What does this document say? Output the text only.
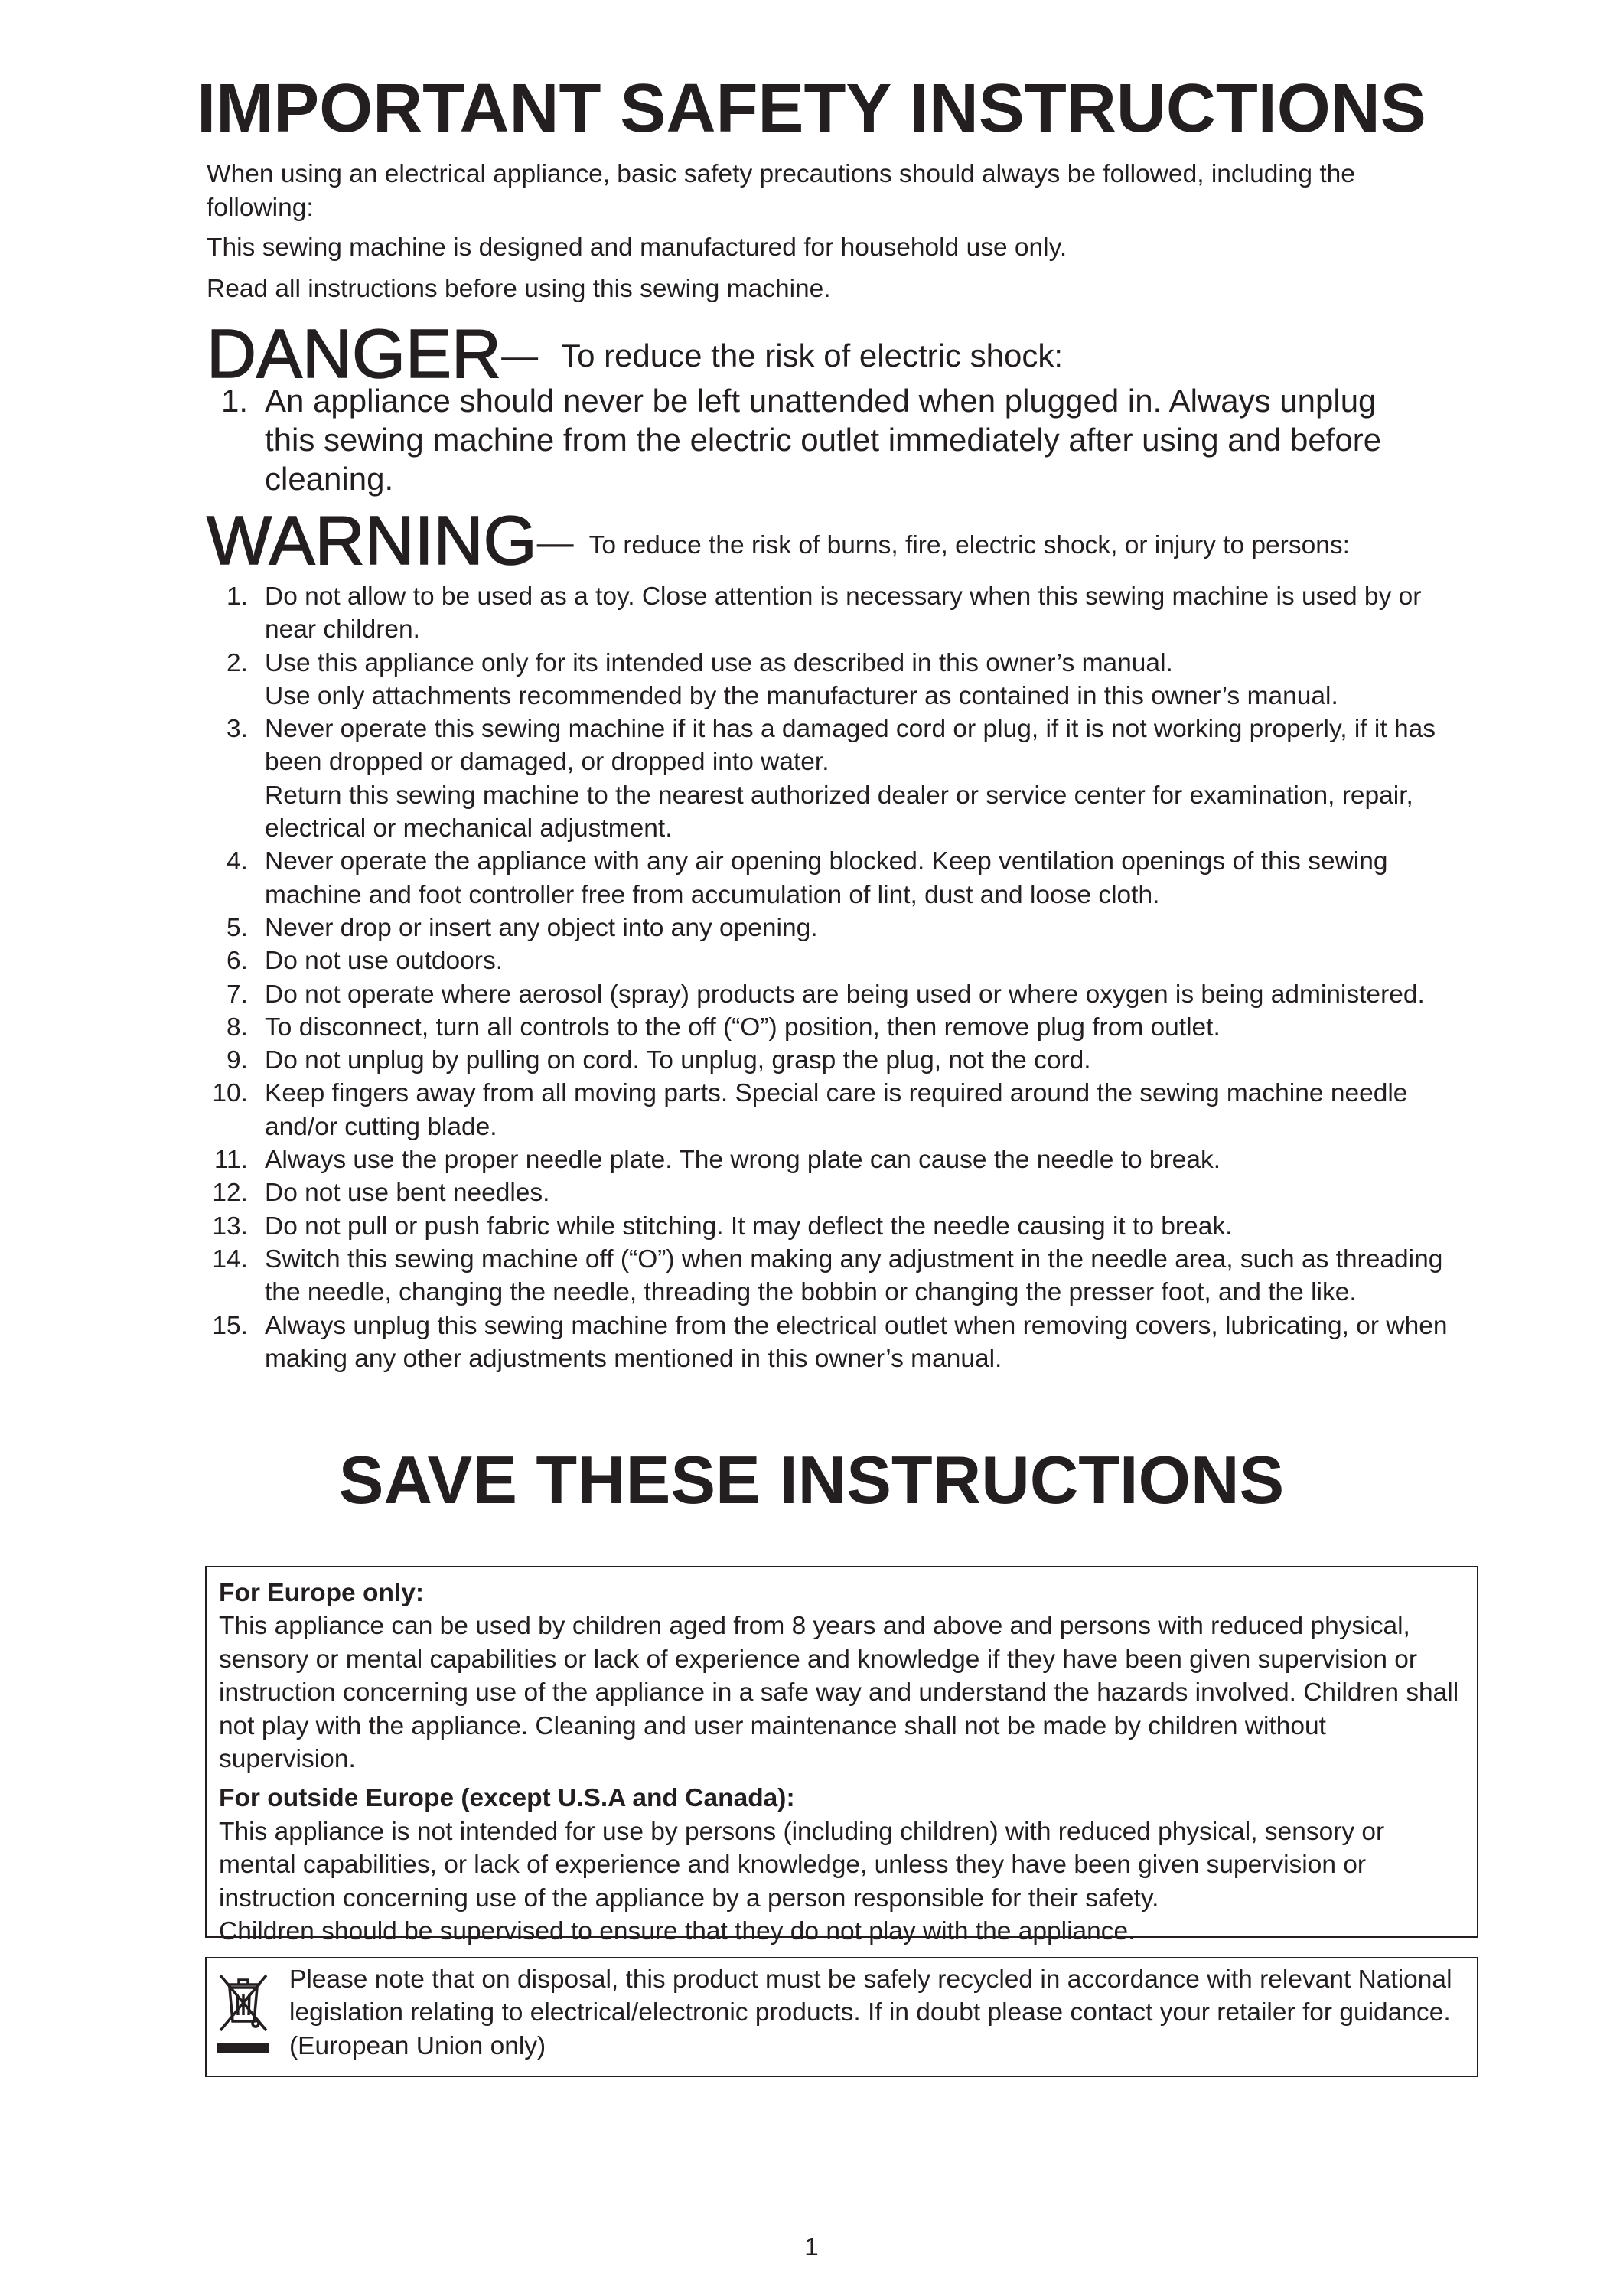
IMPORTANT SAFETY INSTRUCTIONS

When using an electrical appliance, basic safety precautions should always be followed, including the following:

This sewing machine is designed and manufactured for household use only.

Read all instructions before using this sewing machine.

DANGER— To reduce the risk of electric shock:
1. An appliance should never be left unattended when plugged in. Always unplug this sewing machine from the electric outlet immediately after using and before cleaning.
WARNING— To reduce the risk of burns, fire, electric shock, or injury to persons:
1. Do not allow to be used as a toy. Close attention is necessary when this sewing machine is used by or near children.
2. Use this appliance only for its intended use as described in this owner’s manual.
Use only attachments recommended by the manufacturer as contained in this owner’s manual.
3. Never operate this sewing machine if it has a damaged cord or plug, if it is not working properly, if it has been dropped or damaged, or dropped into water.
Return this sewing machine to the nearest authorized dealer or service center for examination, repair, electrical or mechanical adjustment.
4. Never operate the appliance with any air opening blocked. Keep ventilation openings of this sewing machine and foot controller free from accumulation of lint, dust and loose cloth.
5. Never drop or insert any object into any opening.
6. Do not use outdoors.
7. Do not operate where aerosol (spray) products are being used or where oxygen is being administered.
8. To disconnect, turn all controls to the off (“O”) position, then remove plug from outlet.
9. Do not unplug by pulling on cord. To unplug, grasp the plug, not the cord.
10. Keep fingers away from all moving parts. Special care is required around the sewing machine needle and/or cutting blade.
11. Always use the proper needle plate. The wrong plate can cause the needle to break.
12. Do not use bent needles.
13. Do not pull or push fabric while stitching. It may deflect the needle causing it to break.
14. Switch this sewing machine off (“O”) when making any adjustment in the needle area, such as threading the needle, changing the needle, threading the bobbin or changing the presser foot, and the like.
15. Always unplug this sewing machine from the electrical outlet when removing covers, lubricating, or when making any other adjustments mentioned in this owner’s manual.
SAVE THESE INSTRUCTIONS

For Europe only:

This appliance can be used by children aged from 8 years and above and persons with reduced physical, sensory or mental capabilities or lack of experience and knowledge if they have been given supervision or instruction concerning use of the appliance in a safe way and understand the hazards involved. Children shall not play with the appliance. Cleaning and user maintenance shall not be made by children without supervision.

For outside Europe (except U.S.A and Canada):

This appliance is not intended for use by persons (including children) with reduced physical, sensory or mental capabilities, or lack of experience and knowledge, unless they have been given supervision or instruction concerning use of the appliance by a person responsible for their safety.

Children should be supervised to ensure that they do not play with the appliance.

Please note that on disposal, this product must be safely recycled in accordance with relevant National legislation relating to electrical/electronic products. If in doubt please contact your retailer for guidance. (European Union only)

1
